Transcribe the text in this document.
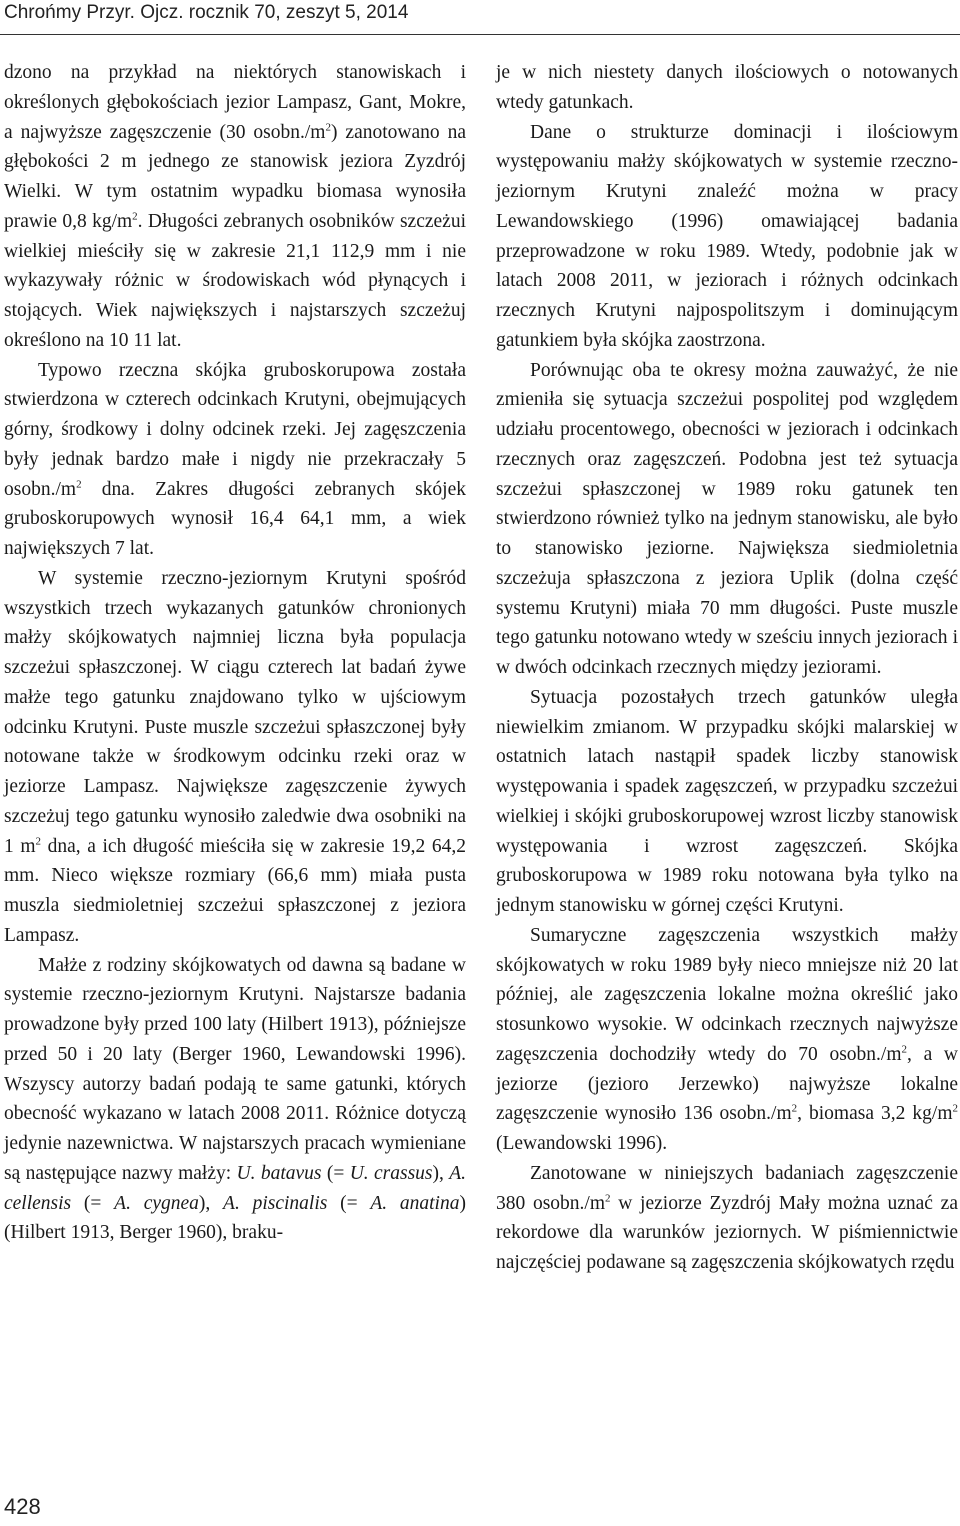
Chrońmy Przyr. Ojcz. rocznik 70, zeszyt 5, 2014

dzono na przykład na niektórych stanowiskach i określonych głębokościach jezior Lampasz, Gant, Mokre, a najwyższe zagęszczenie (30 $osobn./m^2$) zanotowano na głębokości 2 m jednego ze stanowisk jeziora Zyzdrój Wielki. W tym ostatnim wypadku biomasa wynosiła prawie 0,8 $kg/m^2$. Długości zebranych osobników szczeżui wielkiej mieściły się w zakresie 21,1 112,9 mm i nie wykazywały różnic w środowiskach wód płynących i stojących. Wiek największych i najstarszych szczeżuj określono na 10 11 lat.

Typowo rzeczna skójka gruboskorupowa została stwierdzona w czterech odcinkach Krutyni, obejmujących górny, środkowy i dolny odcinek rzeki. Jej zagęszczenia były jednak bardzo małe i nigdy nie przekraczały 5 $osobn./m^2$ dna. Zakres długości zebranych skójek gruboskorupowych wynosił 16,4 64,1 mm, a wiek największych 7 lat.

W systemie rzeczno-jeziornym Krutyni spośród wszystkich trzech wykazanych gatunków chronionych małży skójkowatych najmniej liczna była populacja szczeżui spłaszczonej. W ciągu czterech lat badań żywe małże tego gatunku znajdowano tylko w ujściowym odcinku Krutyni. Puste muszle szczeżui spłaszczonej były notowane także w środkowym odcinku rzeki oraz w jeziorze Lampasz. Największe zagęszczenie żywych szczeżuj tego gatunku wynosiło zaledwie dwa osobniki na 1 $m^2$ dna, a ich długość mieściła się w zakresie 19,2 64,2 mm. Nieco większe rozmiary (66,6 mm) miała pusta muszla siedmioletniej szczeżui spłaszczonej z jeziora Lampasz.

Małże z rodziny skójkowatych od dawna są badane w systemie rzeczno-jeziornym Krutyni. Najstarsze badania prowadzone były przed 100 laty (Hilbert 1913), późniejsze przed 50 i 20 laty (Berger 1960, Lewandowski 1996). Wszyscy autorzy badań podają te same gatunki, których obecność wykazano w latach 2008 2011. Różnice dotyczą jedynie nazewnictwa. W najstarszych pracach wymieniane są następujące nazwy małży: U. batavus (= U. crassus), A. cellensis (= A. cygnea), A. piscinalis (= A. anatina) (Hilbert 1913, Berger 1960), braku-

je w nich niestety danych ilościowych o notowanych wtedy gatunkach.

Dane o strukturze dominacji i ilościowym występowaniu małży skójkowatych w systemie rzeczno-jeziornym Krutyni znaleźć można w pracy Lewandowskiego (1996) omawiającej badania przeprowadzone w roku 1989. Wtedy, podobnie jak w latach 2008 2011, w jeziorach i różnych odcinkach rzecznych Krutyni najpospolitszym i dominującym gatunkiem była skójka zaostrzona.

Porównując oba te okresy można zauważyć, że nie zmieniła się sytuacja szczeżui pospolitej pod względem udziału procentowego, obecności w jeziorach i odcinkach rzecznych oraz zagęszczeń. Podobna jest też sytuacja szczeżui spłaszczonej w 1989 roku gatunek ten stwierdzono również tylko na jednym stanowisku, ale było to stanowisko jeziorne. Największa siedmioletnia szczeżuja spłaszczona z jeziora Uplik (dolna część systemu Krutyni) miała 70 mm długości. Puste muszle tego gatunku notowano wtedy w sześciu innych jeziorach i w dwóch odcinkach rzecznych między jeziorami.

Sytuacja pozostałych trzech gatunków uległa niewielkim zmianom. W przypadku skójki malarskiej w ostatnich latach nastąpił spadek liczby stanowisk występowania i spadek zagęszczeń, w przypadku szczeżui wielkiej i skójki gruboskorupowej wzrost liczby stanowisk występowania i wzrost zagęszczeń. Skójka gruboskorupowa w 1989 roku notowana była tylko na jednym stanowisku w górnej części Krutyni.

Sumaryczne zagęszczenia wszystkich małży skójkowatych w roku 1989 były nieco mniejsze niż 20 lat później, ale zagęszczenia lokalne można określić jako stosunkowo wysokie. W odcinkach rzecznych najwyższe zagęszczenia dochodziły wtedy do 70 $osobn./m^2$, a w jeziorze (jezioro Jerzewko) najwyższe lokalne zagęszczenie wynosiło 136 $osobn./m^2$, biomasa 3,2 $kg/m^2$ (Lewandowski 1996).

Zanotowane w niniejszych badaniach zagęszczenie 380 $osobn./m^2$ w jeziorze Zyzdrój Mały można uznać za rekordowe dla warunków jeziornych. W piśmiennictwie najczęściej podawane są zagęszczenia skójkowatych rzędu

428
